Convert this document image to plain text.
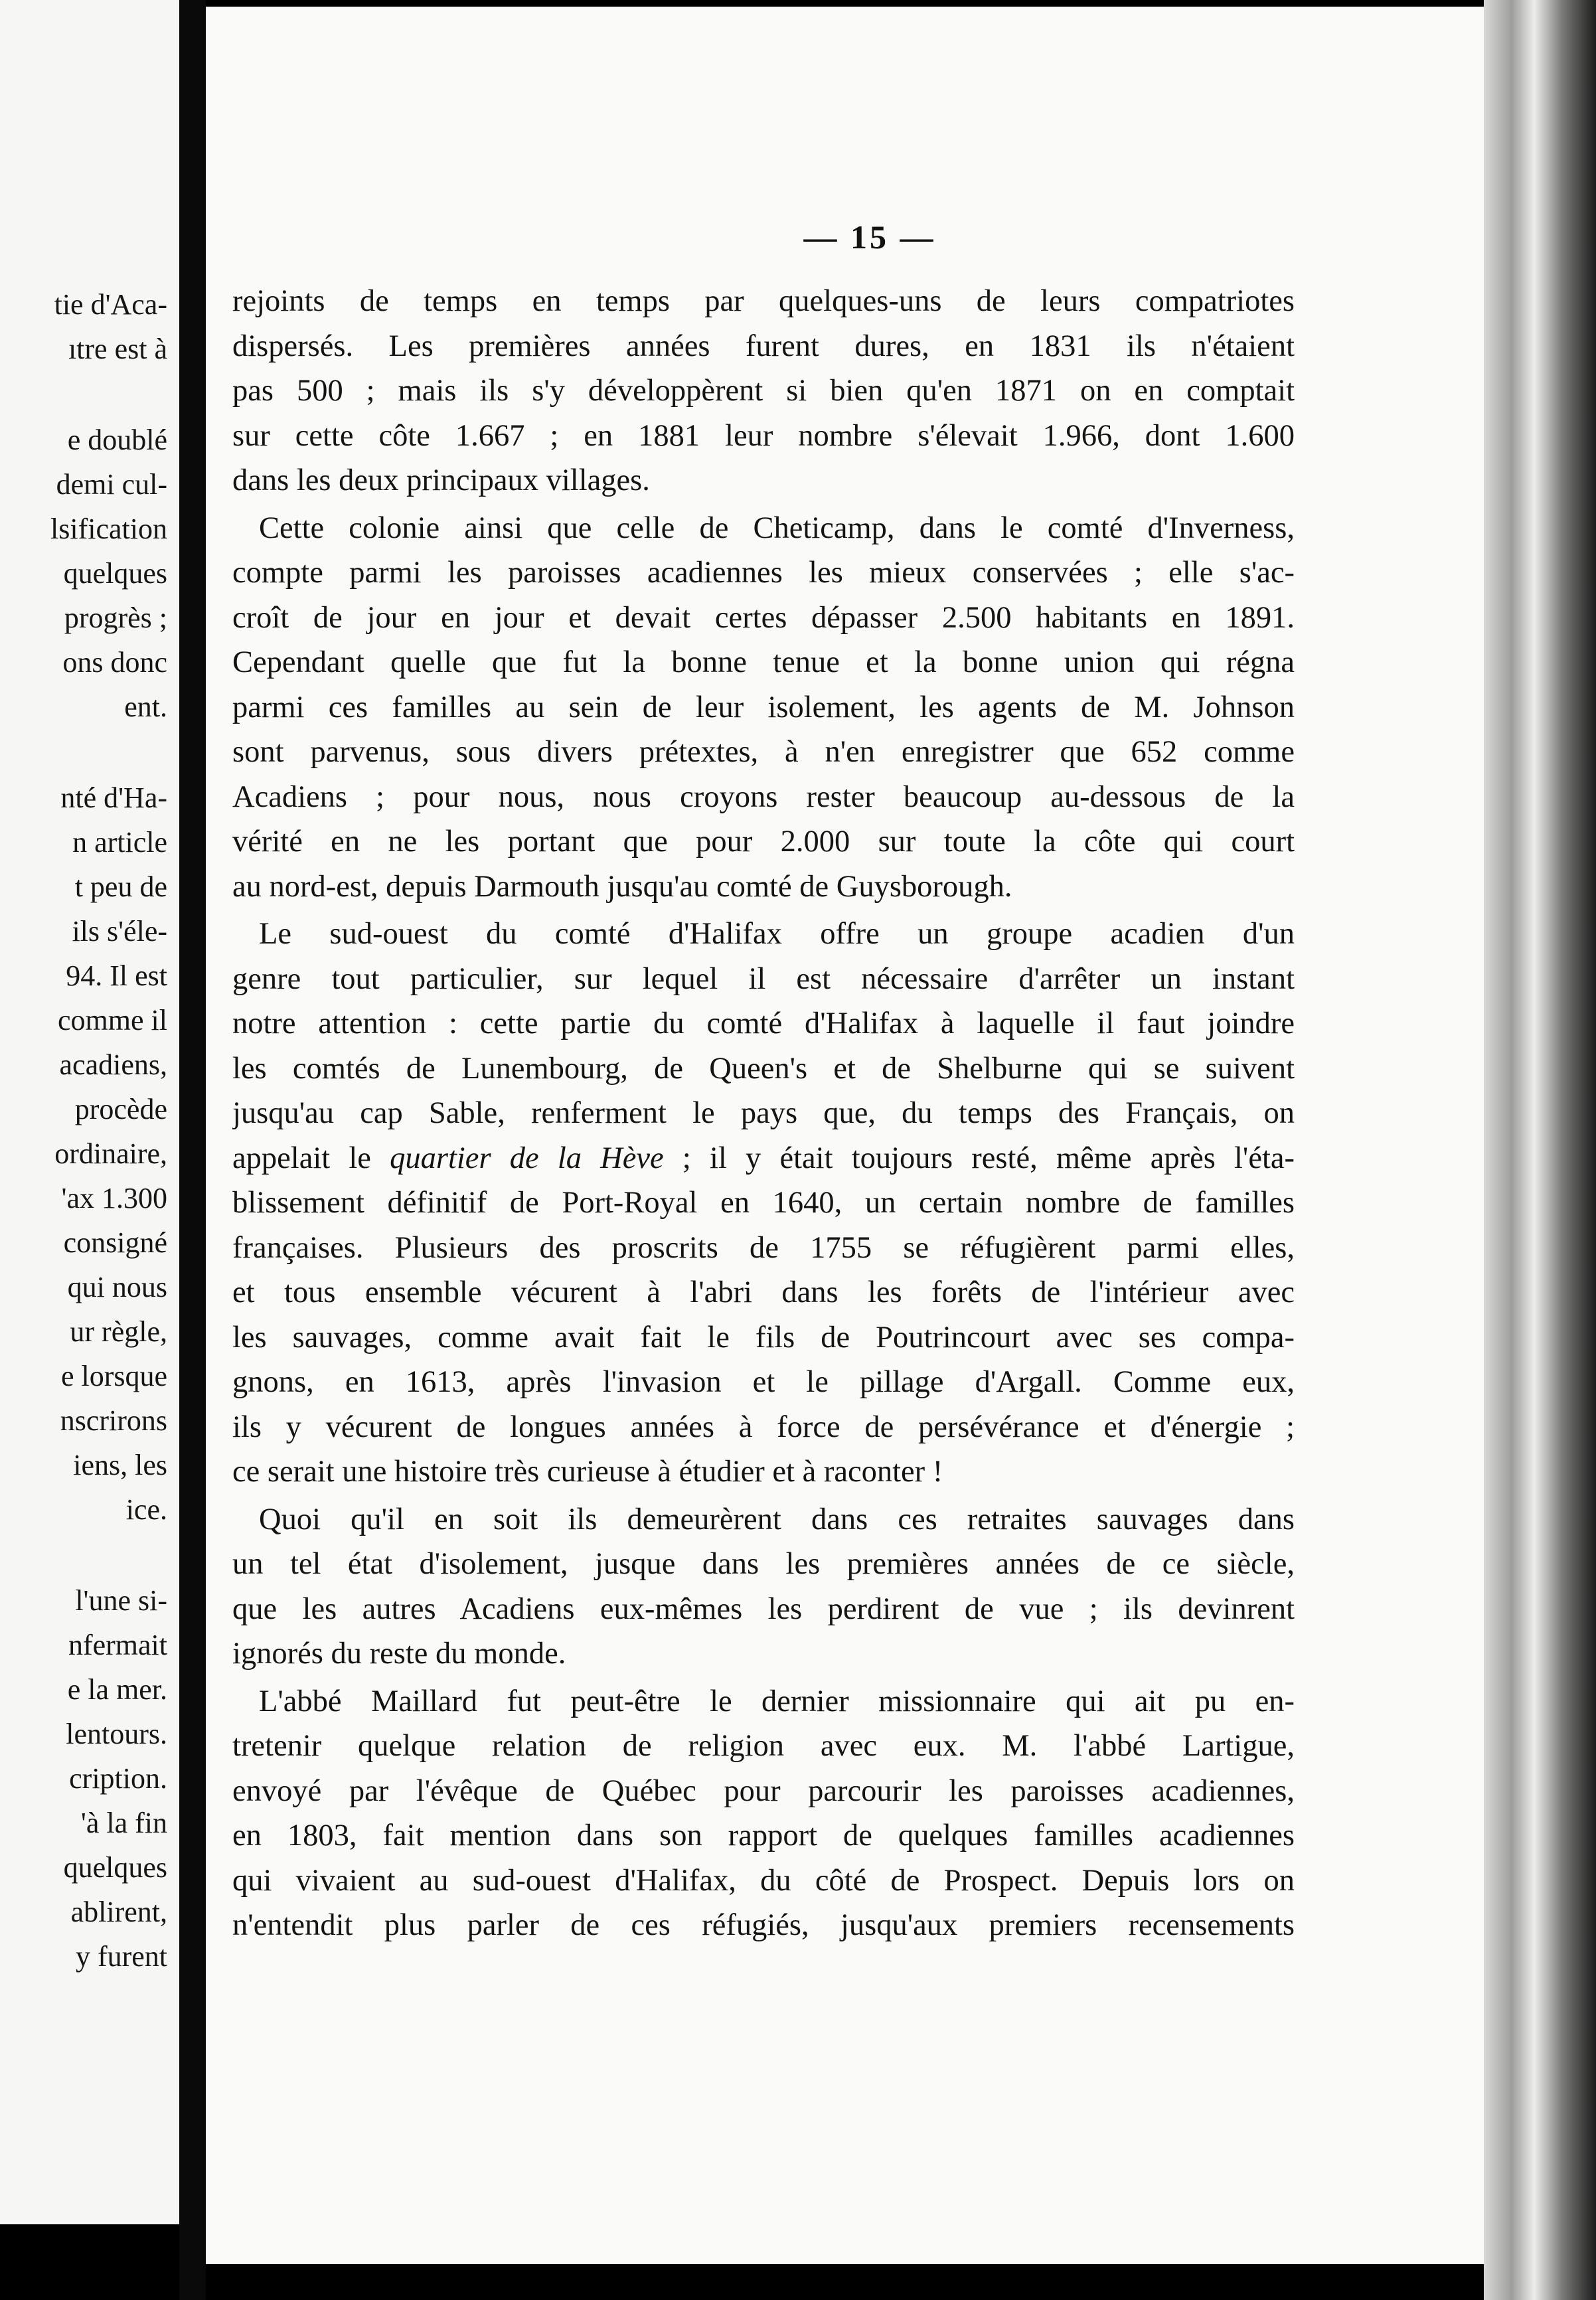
tie d'Aca-
ıtre est à
e doublé
demi cul-
lsification
quelques
progrès ;
ons donc
ent.
nté d'Ha-
n article
t peu de
ils s'éle-
94. Il est
comme il
acadiens,
procède
ordinaire,
'ax 1.300
consigné
qui nous
ur règle,
e lorsque
nscrirons
iens, les
ice.
l'une si-
nfermait
e la mer.
lentours.
cription.
'à la fin
quelques
ablirent,
y furent
— 15 —
rejoints de temps en temps par quelques-uns de leurs compatriotes
dispersés. Les premières années furent dures, en 1831 ils n'étaient
pas 500 ; mais ils s'y développèrent si bien qu'en 1871 on en comptait
sur cette côte 1.667 ; en 1881 leur nombre s'élevait 1.966, dont 1.600
dans les deux principaux villages.
Cette colonie ainsi que celle de Cheticamp, dans le comté d'Inverness,
compte parmi les paroisses acadiennes les mieux conservées ; elle s'ac-
croît de jour en jour et devait certes dépasser 2.500 habitants en 1891.
Cependant quelle que fut la bonne tenue et la bonne union qui régna
parmi ces familles au sein de leur isolement, les agents de M. Johnson
sont parvenus, sous divers prétextes, à n'en enregistrer que 652 comme
Acadiens ; pour nous, nous croyons rester beaucoup au-dessous de la
vérité en ne les portant que pour 2.000 sur toute la côte qui court
au nord-est, depuis Darmouth jusqu'au comté de Guysborough.
Le sud-ouest du comté d'Halifax offre un groupe acadien d'un
genre tout particulier, sur lequel il est nécessaire d'arrêter un instant
notre attention : cette partie du comté d'Halifax à laquelle il faut joindre
les comtés de Lunembourg, de Queen's et de Shelburne qui se suivent
jusqu'au cap Sable, renferment le pays que, du temps des Français, on
appelait le quartier de la Hève ; il y était toujours resté, même après l'éta-
blissement définitif de Port-Royal en 1640, un certain nombre de familles
françaises. Plusieurs des proscrits de 1755 se réfugièrent parmi elles,
et tous ensemble vécurent à l'abri dans les forêts de l'intérieur avec
les sauvages, comme avait fait le fils de Poutrincourt avec ses compa-
gnons, en 1613, après l'invasion et le pillage d'Argall. Comme eux,
ils y vécurent de longues années à force de persévérance et d'énergie ;
ce serait une histoire très curieuse à étudier et à raconter !
Quoi qu'il en soit ils demeurèrent dans ces retraites sauvages dans
un tel état d'isolement, jusque dans les premières années de ce siècle,
que les autres Acadiens eux-mêmes les perdirent de vue ; ils devinrent
ignorés du reste du monde.
L'abbé Maillard fut peut-être le dernier missionnaire qui ait pu en-
tretenir quelque relation de religion avec eux. M. l'abbé Lartigue,
envoyé par l'évêque de Québec pour parcourir les paroisses acadiennes,
en 1803, fait mention dans son rapport de quelques familles acadiennes
qui vivaient au sud-ouest d'Halifax, du côté de Prospect. Depuis lors on
n'entendit plus parler de ces réfugiés, jusqu'aux premiers recensements
